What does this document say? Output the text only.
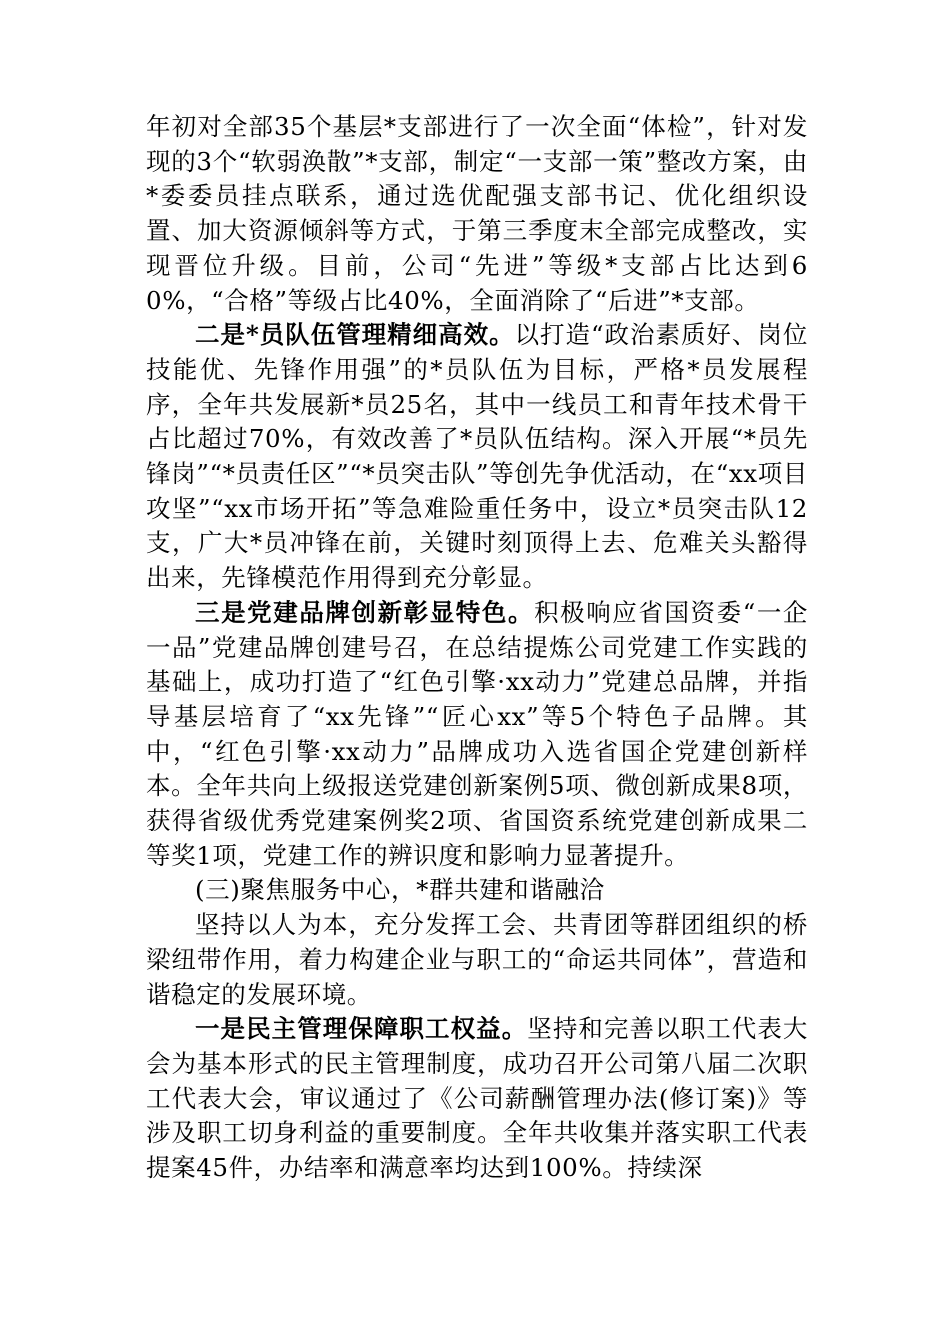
年初对全部35个基层*支部进行了一次全面“体检”，针对发现的3个“软弱涣散”*支部，制定“一支部一策”整改方案，由*委委员挂点联系，通过选优配强支部书记、优化组织设置、加大资源倾斜等方式，于第三季度末全部完成整改，实现晋位升级。目前，公司“先进”等级*支部占比达到60%，“合格”等级占比40%，全面消除了“后进”*支部。

二是*员队伍管理精细高效。以打造“政治素质好、岗位技能优、先锋作用强”的*员队伍为目标，严格*员发展程序，全年共发展新*员25名，其中一线员工和青年技术骨干占比超过70%，有效改善了*员队伍结构。深入开展“*员先锋岗”“*员责任区”“*员突击队”等创先争优活动，在“xx项目攻坚”“xx市场开拓”等急难险重任务中，设立*员突击队12支，广大*员冲锋在前，关键时刻顶得上去、危难关头豁得出来，先锋模范作用得到充分彰显。

三是党建品牌创新彰显特色。积极响应省国资委“一企一品”党建品牌创建号召，在总结提炼公司党建工作实践的基础上，成功打造了“红色引擎·xx动力”党建总品牌，并指导基层培育了“xx先锋”“匠心xx”等5个特色子品牌。其中，“红色引擎·xx动力”品牌成功入选省国企党建创新样本。全年共向上级报送党建创新案例5项、微创新成果8项，获得省级优秀党建案例奖2项、省国资系统党建创新成果二等奖1项，党建工作的辨识度和影响力显著提升。

(三)聚焦服务中心，*群共建和谐融洽

坚持以人为本，充分发挥工会、共青团等群团组织的桥梁纽带作用，着力构建企业与职工的“命运共同体”，营造和谐稳定的发展环境。

一是民主管理保障职工权益。坚持和完善以职工代表大会为基本形式的民主管理制度，成功召开公司第八届二次职工代表大会，审议通过了《公司薪酬管理办法(修订案)》等涉及职工切身利益的重要制度。全年共收集并落实职工代表提案45件，办结率和满意率均达到100%。持续深
